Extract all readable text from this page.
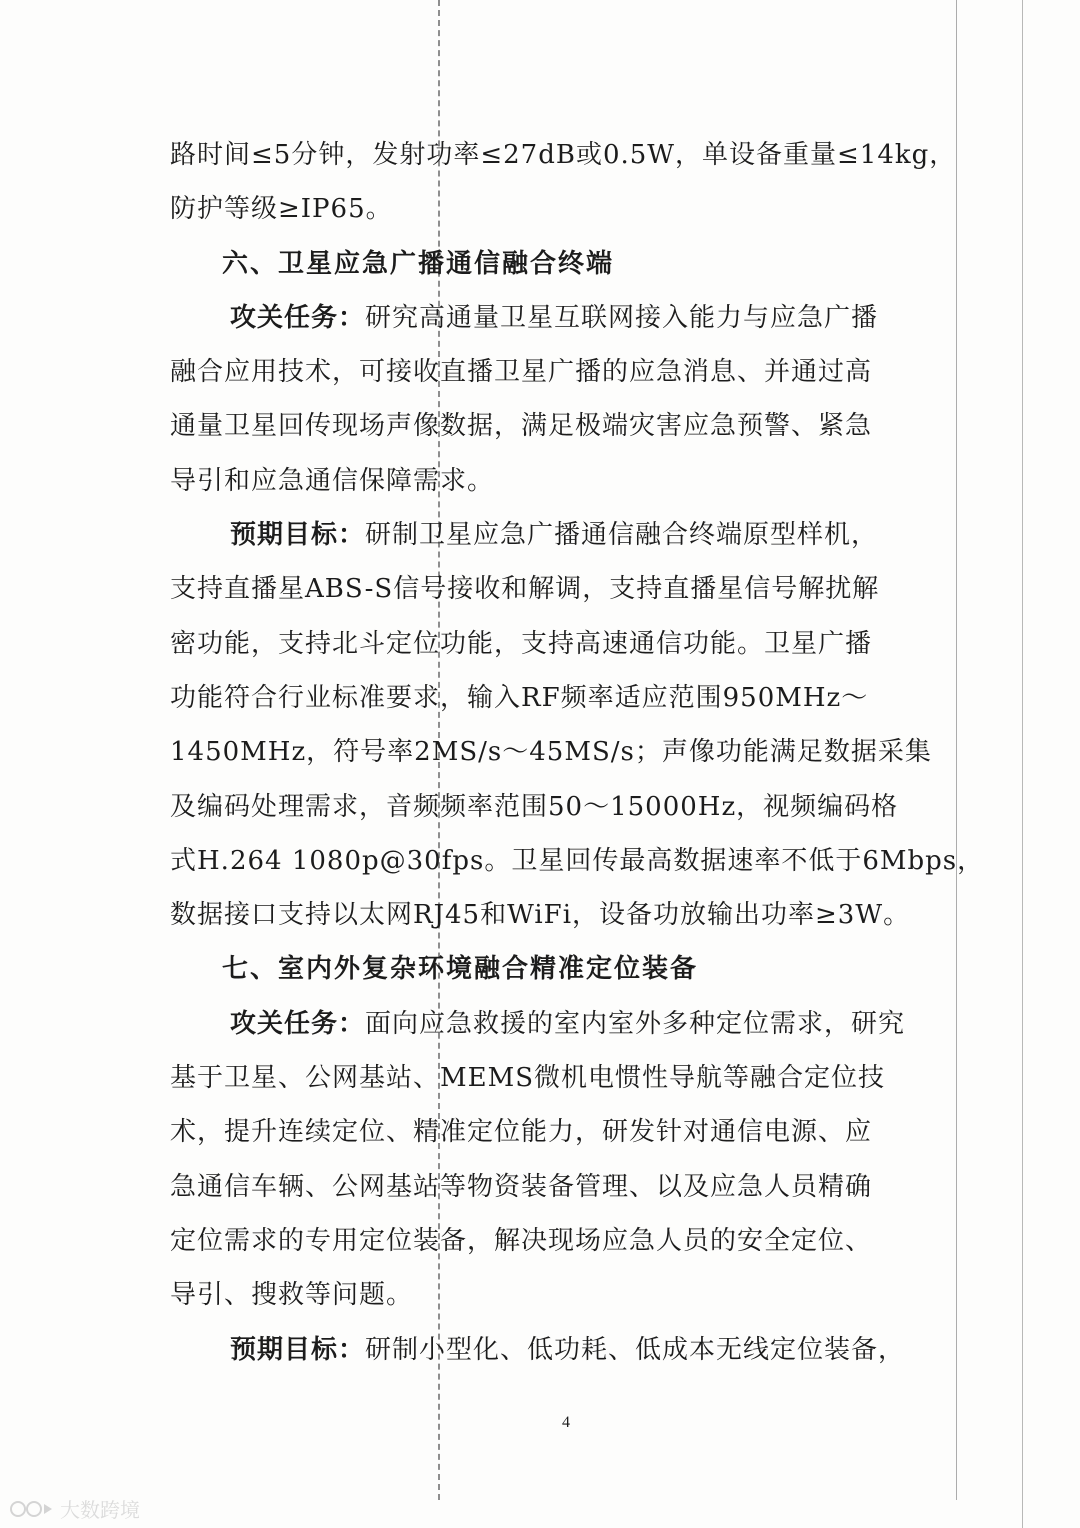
路时间≤5分钟，发射功率≤27dB或0.5W，单设备重量≤14kg，
防护等级≥IP65。
六、卫星应急广播通信融合终端
攻关任务：研究高通量卫星互联网接入能力与应急广播
融合应用技术，可接收直播卫星广播的应急消息、并通过高
通量卫星回传现场声像数据，满足极端灾害应急预警、紧急
导引和应急通信保障需求。
预期目标：研制卫星应急广播通信融合终端原型样机，
支持直播星ABS-S信号接收和解调，支持直播星信号解扰解
密功能，支持北斗定位功能，支持高速通信功能。卫星广播
功能符合行业标准要求，输入RF频率适应范围950MHz～
1450MHz，符号率2MS/s～45MS/s；声像功能满足数据采集
及编码处理需求，音频频率范围50～15000Hz，视频编码格
式H.264 1080p@30fps。卫星回传最高数据速率不低于6Mbps，
数据接口支持以太网RJ45和WiFi，设备功放输出功率≥3W。
七、室内外复杂环境融合精准定位装备
攻关任务：面向应急救援的室内室外多种定位需求，研究
基于卫星、公网基站、MEMS微机电惯性导航等融合定位技
术，提升连续定位、精准定位能力，研发针对通信电源、应
急通信车辆、公网基站等物资装备管理、以及应急人员精确
定位需求的专用定位装备，解决现场应急人员的安全定位、
导引、搜救等问题。
预期目标：研制小型化、低功耗、低成本无线定位装备，
4
大数跨境
